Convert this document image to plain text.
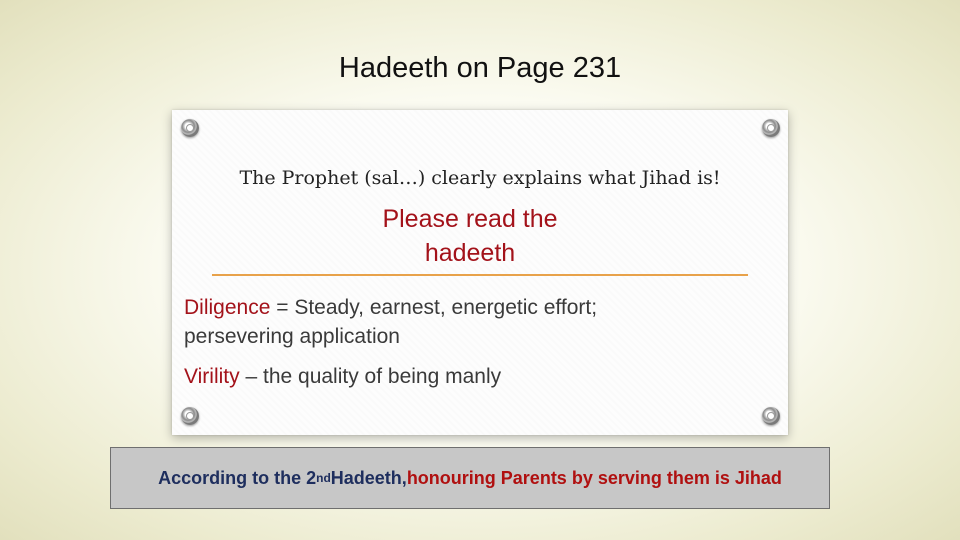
Hadeeth on Page 231
The Prophet (sal…) clearly explains what Jihad is!
Please read the
hadeeth
Diligence = Steady, earnest, energetic effort;
persevering application
Virility – the quality of being manly
According to the 2 nd Hadeeth, honouring Parents by serving them is Jihad
